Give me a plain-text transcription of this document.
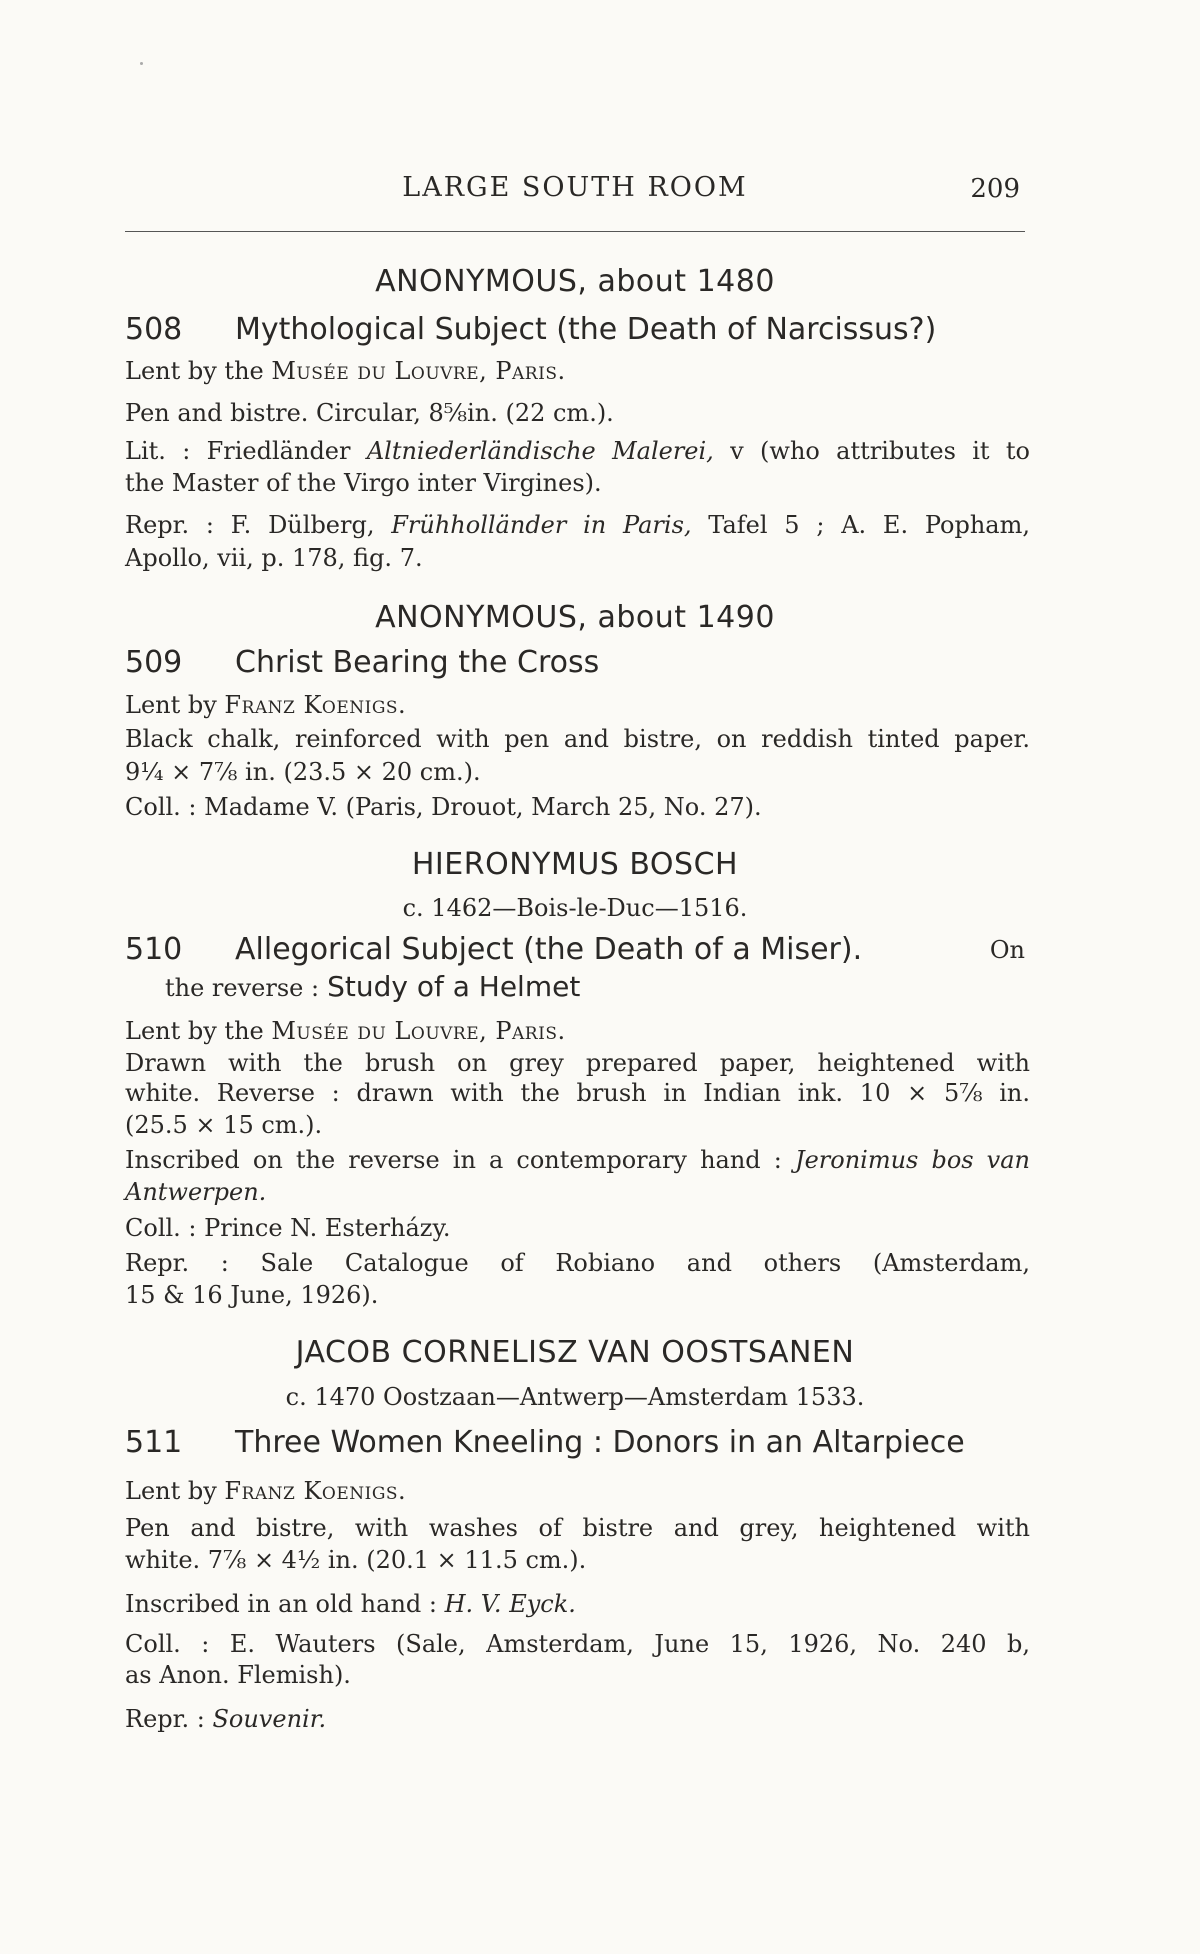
LARGE SOUTH ROOM	209
ANONYMOUS, about 1480
508 Mythological Subject (the Death of Narcissus?)
Lent by the Musée du Louvre, Paris.
Pen and bistre. Circular, 8⅝in. (22 cm.).
Lit. : Friedländer Altniederländische Malerei, v (who attributes it to
the Master of the Virgo inter Virgines).
Repr. : F. Dülberg, Frühholländer in Paris, Tafel 5 ; A. E. Popham,
Apollo, vii, p. 178, fig. 7.
ANONYMOUS, about 1490
509 Christ Bearing the Cross
Lent by Franz Koenigs.
Black chalk, reinforced with pen and bistre, on reddish tinted paper.
9¼ × 7⅞ in. (23.5 × 20 cm.).
Coll. : Madame V. (Paris, Drouot, March 25, No. 27).
HIERONYMUS BOSCH
c. 1462—Bois-le-Duc—1516.
510 Allegorical Subject (the Death of a Miser).	On
the reverse : Study of a Helmet
Lent by the Musée du Louvre, Paris.
Drawn with the brush on grey prepared paper, heightened with
white. Reverse : drawn with the brush in Indian ink. 10 × 5⅞ in.
(25.5 × 15 cm.).
Inscribed on the reverse in a contemporary hand : Jeronimus bos van
Antwerpen.
Coll. : Prince N. Esterházy.
Repr. : Sale Catalogue of Robiano and others (Amsterdam,
15 & 16 June, 1926).
JACOB CORNELISZ VAN OOSTSANEN
c. 1470 Oostzaan—Antwerp—Amsterdam 1533.
511 Three Women Kneeling : Donors in an Altarpiece
Lent by Franz Koenigs.
Pen and bistre, with washes of bistre and grey, heightened with
white. 7⅞ × 4½ in. (20.1 × 11.5 cm.).
Inscribed in an old hand : H. V. Eyck.
Coll. : E. Wauters (Sale, Amsterdam, June 15, 1926, No. 240 b,
as Anon. Flemish).
Repr. : Souvenir.
